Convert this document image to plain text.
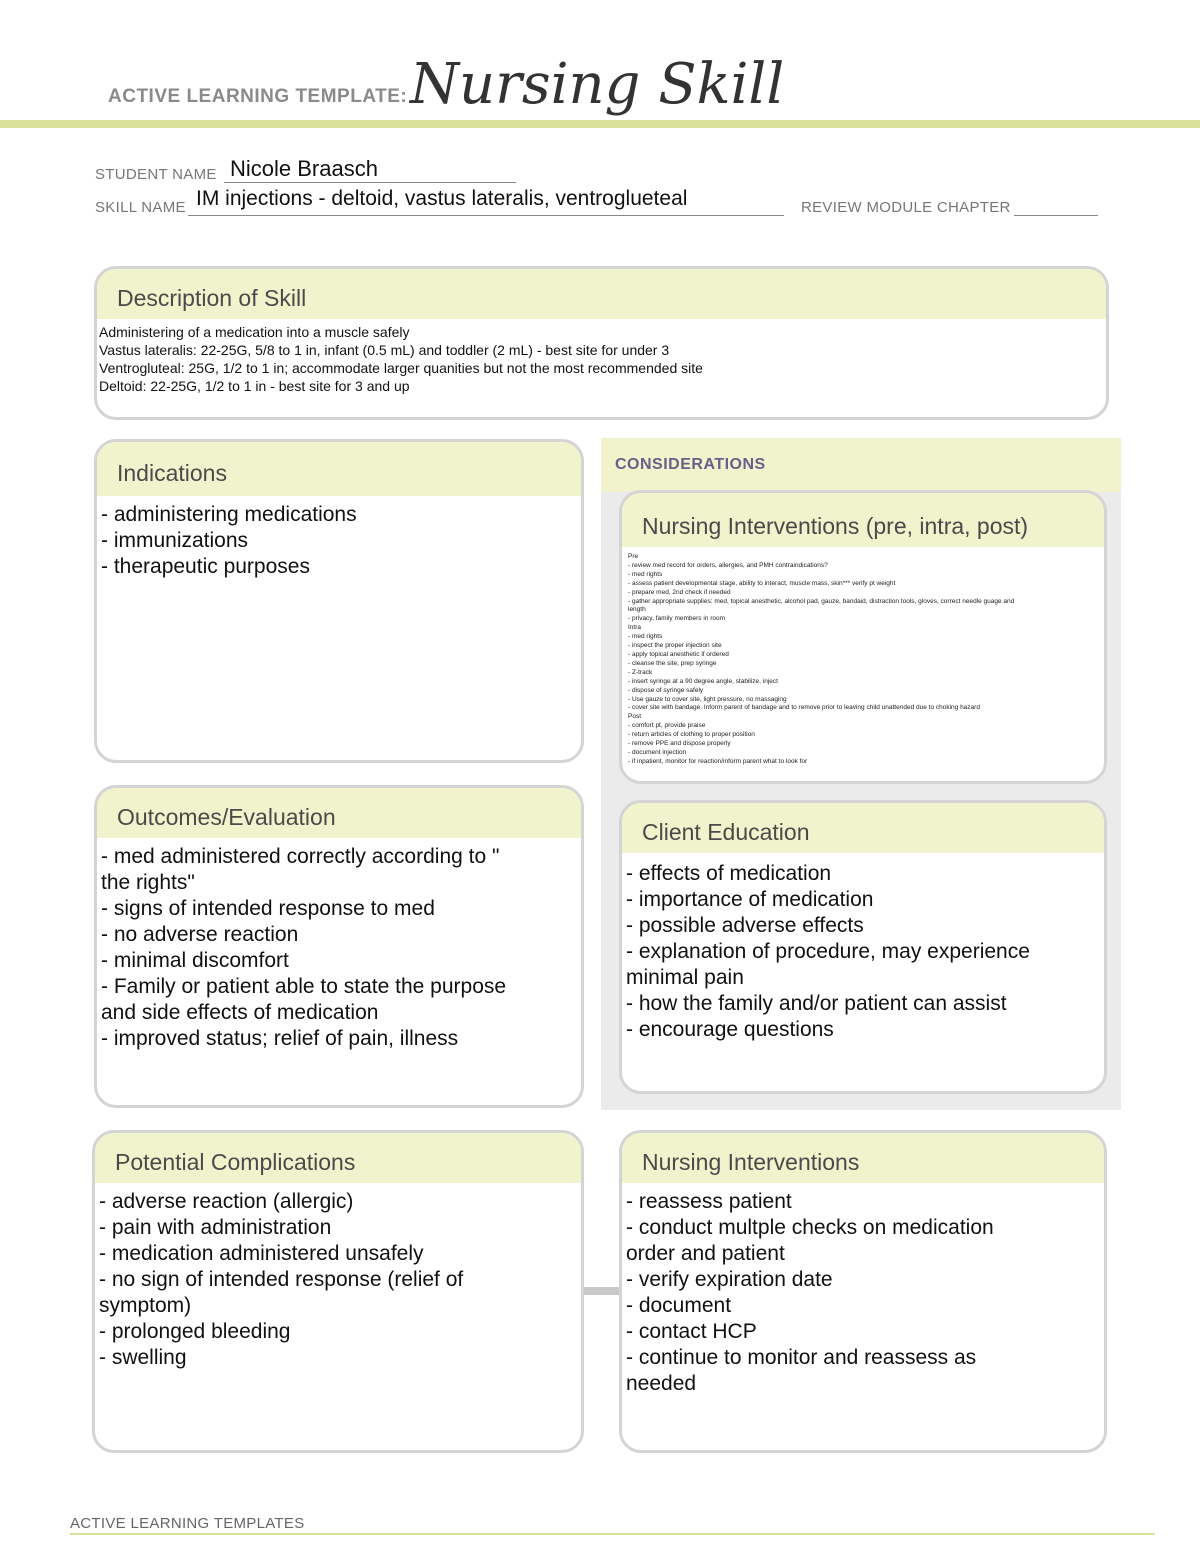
ACTIVE LEARNING TEMPLATE: Nursing Skill
STUDENT NAME Nicole Braasch
SKILL NAME IM injections - deltoid, vastus lateralis, ventroglueteal	REVIEW MODULE CHAPTER
Description of Skill
Administering of a medication into a muscle safely
Vastus lateralis: 22-25G, 5/8 to 1 in, infant (0.5 mL) and toddler (2 mL) - best site for under 3
Ventrogluteal: 25G, 1/2 to 1 in; accommodate larger quanities but not the most recommended site
Deltoid: 22-25G, 1/2 to 1 in - best site for 3 and up
Indications
- administering medications
- immunizations
- therapeutic purposes
CONSIDERATIONS
Nursing Interventions (pre, intra, post)
Pre
- review med record for orders, allergies, and PMH contraindications?
- med rights
- assess patient developmental stage, ability to interact, muscle mass, skin*** verify pt weight
- prepare med, 2nd check if needed
- gather appropriate supplies: med, topical anesthetic, alcohol pad, gauze, bandaid, distraction tools, gloves, correct needle guage and
length
- privacy, family members in room
Intra
- med rights
- inspect the proper injection site
- apply topical anesthetic if ordered
- cleanse the site, prep syringe
- Z-track
- insert syringe at a 90 degree angle, stabilize, inject
- dispose of syringe safely
- Use gauze to cover site, light pressure, no massaging
- cover site with bandage. Inform parent of bandage and to remove prior to leaving child unattended due to choking hazard
Post
- comfort pt, provide praise
- return articles of clothing to proper position
- remove PPE and dispose properly
- document injection
- if inpatient, monitor for reaction/inform parent what to look for
Outcomes/Evaluation
- med administered correctly according to "
the rights"
- signs of intended response to med
- no adverse reaction
- minimal discomfort
- Family or patient able to state the purpose
and side effects of medication
- improved status; relief of pain, illness
Client Education
- effects of medication
- importance of medication
- possible adverse effects
- explanation of procedure, may experience
minimal pain
- how the family and/or patient can assist
- encourage questions
Potential Complications
- adverse reaction (allergic)
- pain with administration
- medication administered unsafely
- no sign of intended response (relief of
symptom)
- prolonged bleeding
- swelling
Nursing Interventions
- reassess patient
- conduct multple checks on medication
order and patient
- verify expiration date
- document
- contact HCP
- continue to monitor and reassess as
needed
ACTIVE LEARNING TEMPLATES
